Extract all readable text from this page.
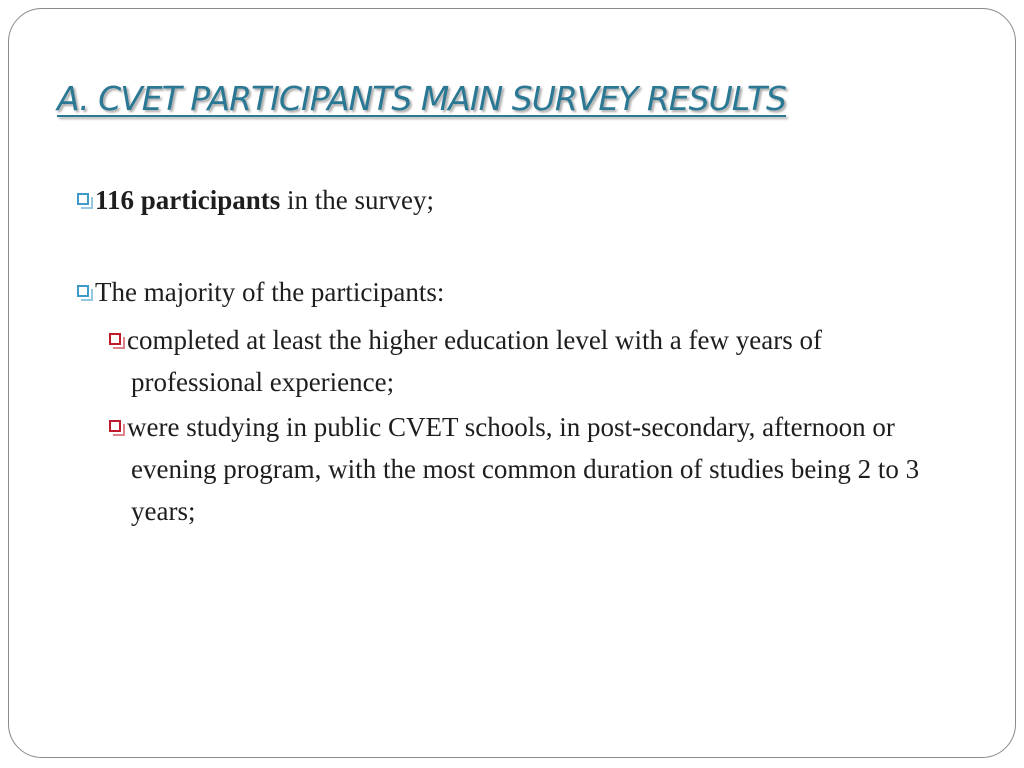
A. CVET PARTICIPANTS MAIN SURVEY RESULTS
116 participants in the survey;
The majority of the participants:
completed at least the higher education level with a few years of professional experience;
were studying in public CVET schools, in post-secondary, afternoon or evening program, with the most common duration of studies being 2 to 3 years;
